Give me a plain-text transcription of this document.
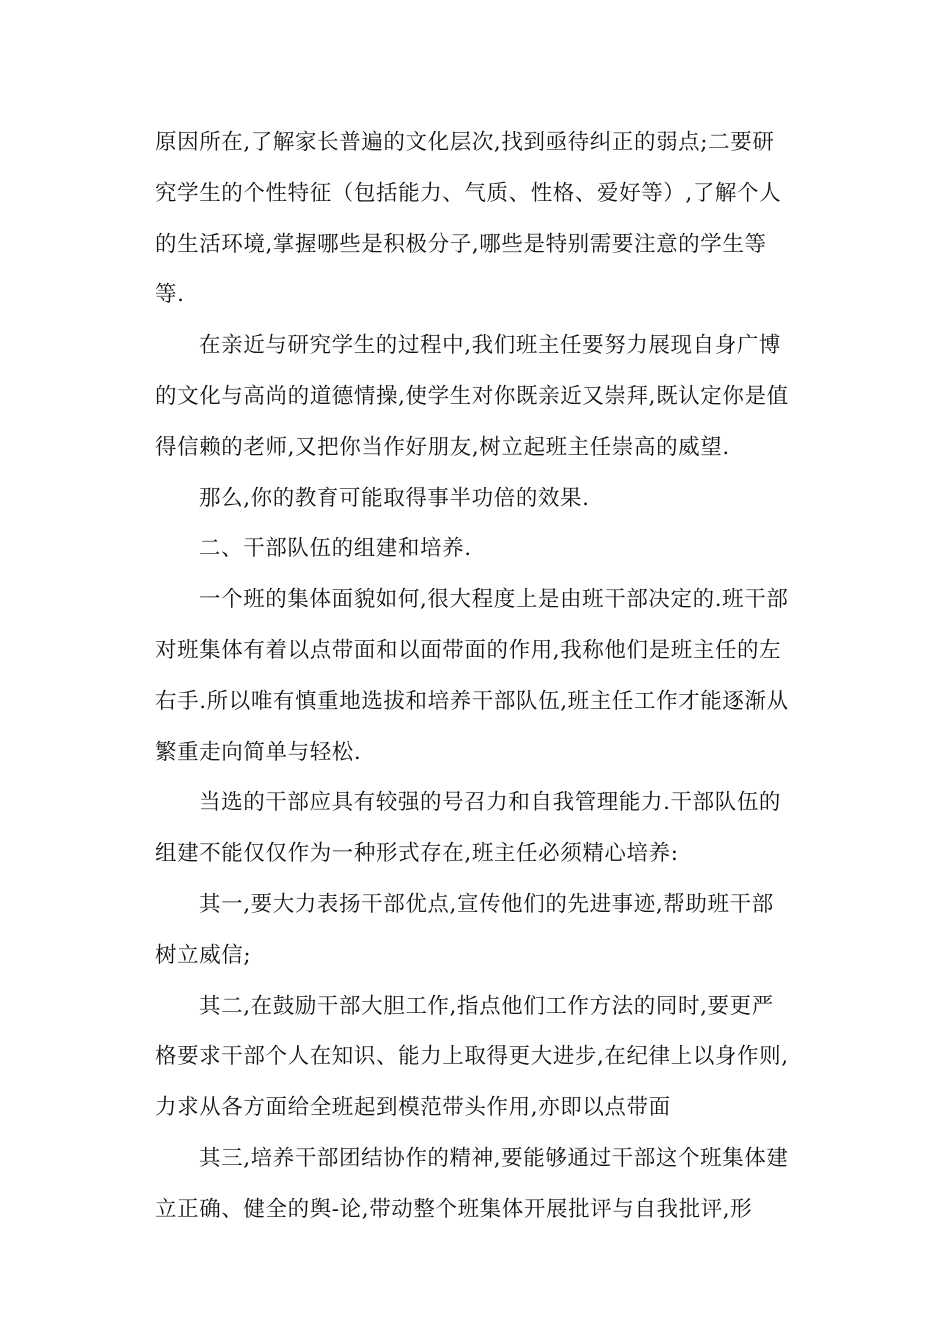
原因所在,了解家长普遍的文化层次,找到亟待纠正的弱点;二要研究学生的个性特征（包括能力、气质、性格、爱好等）,了解个人的生活环境,掌握哪些是积极分子,哪些是特别需要注意的学生等等.

在亲近与研究学生的过程中,我们班主任要努力展现自身广博的文化与高尚的道德情操,使学生对你既亲近又崇拜,既认定你是值得信赖的老师,又把你当作好朋友,树立起班主任崇高的威望.

那么,你的教育可能取得事半功倍的效果.

二、干部队伍的组建和培养.

一个班的集体面貌如何,很大程度上是由班干部决定的.班干部对班集体有着以点带面和以面带面的作用,我称他们是班主任的左右手.所以唯有慎重地选拔和培养干部队伍,班主任工作才能逐渐从繁重走向简单与轻松.

当选的干部应具有较强的号召力和自我管理能力.干部队伍的组建不能仅仅作为一种形式存在,班主任必须精心培养:

其一,要大力表扬干部优点,宣传他们的先进事迹,帮助班干部树立威信;

其二,在鼓励干部大胆工作,指点他们工作方法的同时,要更严格要求干部个人在知识、能力上取得更大进步,在纪律上以身作则,力求从各方面给全班起到模范带头作用,亦即以点带面

其三,培养干部团结协作的精神,要能够通过干部这个班集体建立正确、健全的舆-论,带动整个班集体开展批评与自我批评,形
